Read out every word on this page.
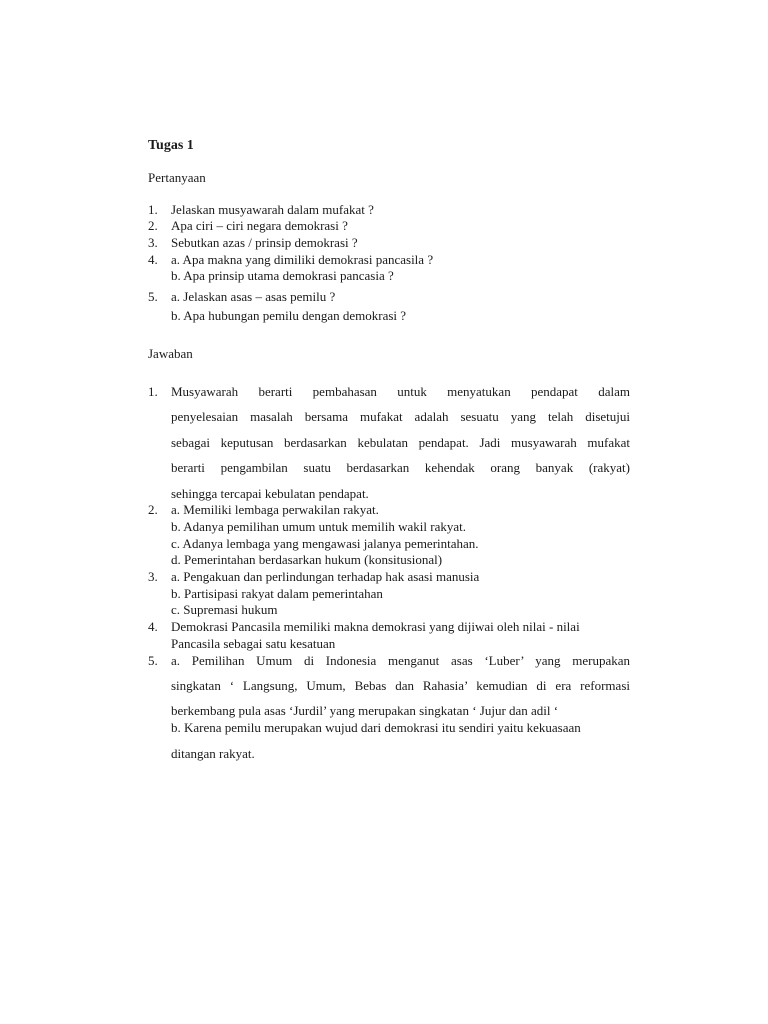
Tugas 1
Pertanyaan
1. Jelaskan musyawarah dalam mufakat ?
2. Apa ciri – ciri negara demokrasi ?
3. Sebutkan azas / prinsip demokrasi ?
4. a. Apa makna yang dimiliki demokrasi pancasila ?
b. Apa prinsip utama demokrasi pancasia ?
5. a. Jelaskan asas – asas pemilu ?
b. Apa hubungan pemilu dengan demokrasi ?
Jawaban
1. Musyawarah berarti pembahasan untuk menyatukan pendapat dalam
penyelesaian masalah bersama mufakat adalah sesuatu yang telah disetujui
sebagai keputusan berdasarkan kebulatan pendapat. Jadi musyawarah mufakat
berarti pengambilan suatu berdasarkan kehendak orang banyak (rakyat)
sehingga tercapai kebulatan pendapat.
2. a. Memiliki lembaga perwakilan rakyat.
b. Adanya pemilihan umum untuk memilih wakil rakyat.
c. Adanya lembaga yang mengawasi jalanya pemerintahan.
d. Pemerintahan berdasarkan hukum (konsitusional)
3. a. Pengakuan dan perlindungan terhadap hak asasi manusia
b. Partisipasi rakyat dalam pemerintahan
c. Supremasi hukum
4. Demokrasi Pancasila memiliki makna demokrasi yang dijiwai oleh nilai - nilai
Pancasila sebagai satu kesatuan
5. a. Pemilihan Umum di Indonesia menganut asas ‘Luber’ yang merupakan
singkatan ‘ Langsung, Umum, Bebas dan Rahasia’ kemudian di era reformasi
berkembang pula asas ‘Jurdil’ yang merupakan singkatan ‘ Jujur dan adil ‘
b. Karena pemilu merupakan wujud dari demokrasi itu sendiri yaitu kekuasaan
ditangan rakyat.
